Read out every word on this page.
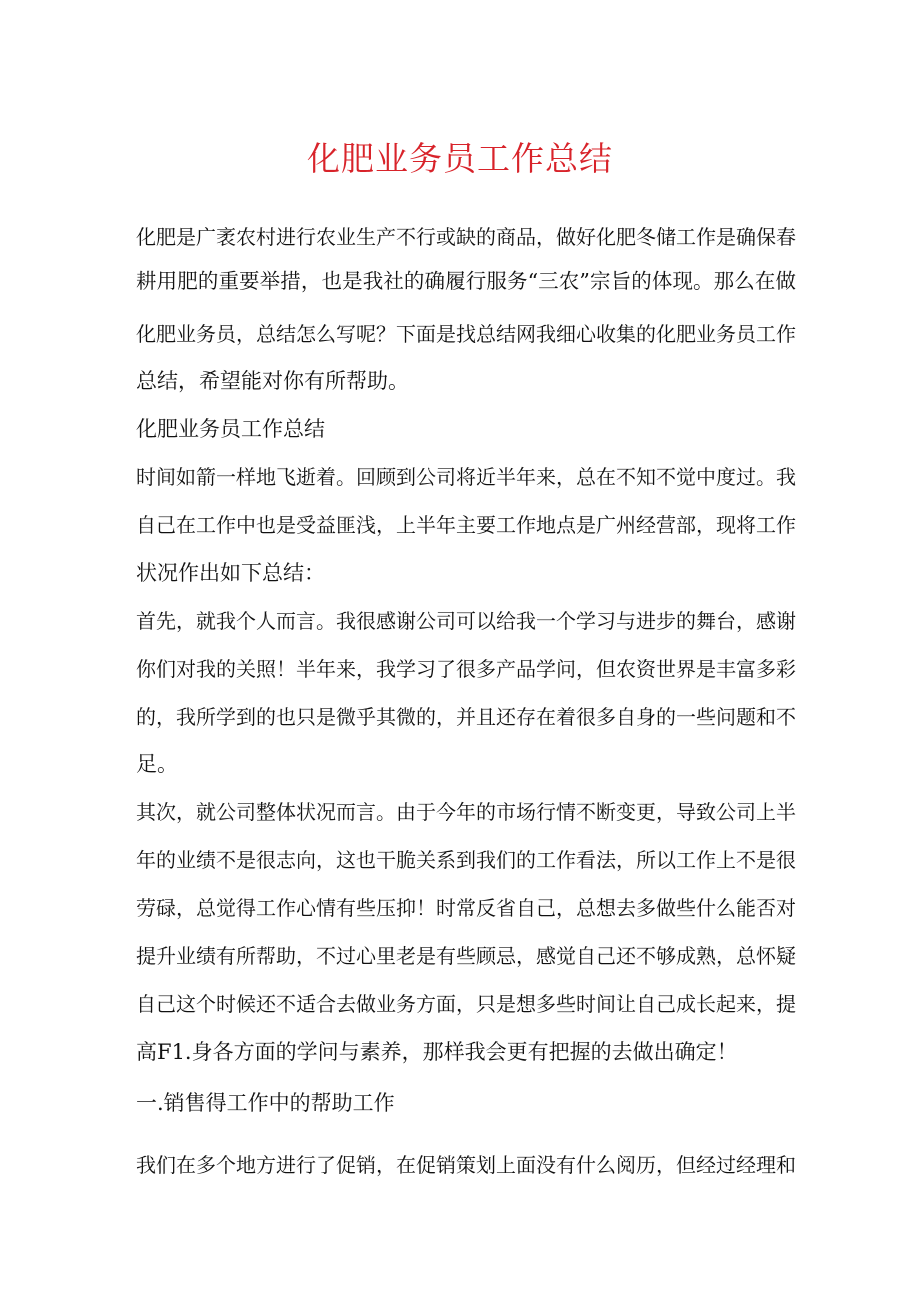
化肥业务员工作总结

化肥是广袤农村进行农业生产不行或缺的商品，做好化肥冬储工作是确保春

耕用肥的重要举措，也是我社的确履行服务“三农”宗旨的体现。那么在做

化肥业务员，总结怎么写呢？下面是找总结网我细心收集的化肥业务员工作

总结，希望能对你有所帮助。

化肥业务员工作总结

时间如箭一样地飞逝着。回顾到公司将近半年来，总在不知不觉中度过。我

自己在工作中也是受益匪浅，上半年主要工作地点是广州经营部，现将工作

状况作出如下总结：

首先，就我个人而言。我很感谢公司可以给我一个学习与进步的舞台，感谢

你们对我的关照！半年来，我学习了很多产品学问，但农资世界是丰富多彩

的，我所学到的也只是微乎其微的，并且还存在着很多自身的一些问题和不

足。

其次，就公司整体状况而言。由于今年的市场行情不断变更，导致公司上半

年的业绩不是很志向，这也干脆关系到我们的工作看法，所以工作上不是很

劳碌，总觉得工作心情有些压抑！时常反省自己，总想去多做些什么能否对

提升业绩有所帮助，不过心里老是有些顾忌，感觉自己还不够成熟，总怀疑

自己这个时候还不适合去做业务方面，只是想多些时间让自己成长起来，提

高F1.身各方面的学问与素养，那样我会更有把握的去做出确定！

一.销售得工作中的帮助工作

我们在多个地方进行了促销，在促销策划上面没有什么阅历，但经过经理和
